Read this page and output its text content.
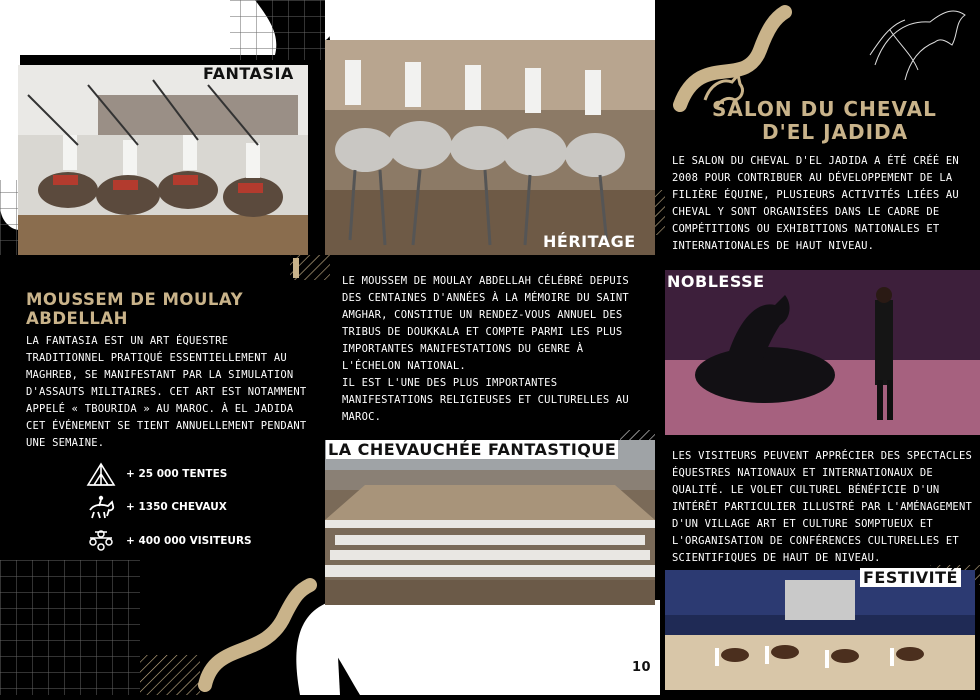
FANTASIA
MOUSSEM DE MOULAY ABDELLAH
LA FANTASIA EST UN ART ÉQUESTRE TRADITIONNEL PRATIQUÉ ESSENTIELLEMENT AU MAGHREB, SE MANIFESTANT PAR LA SIMULATION D'ASSAUTS MILITAIRES. CET ART EST NOTAMMENT APPELÉ « TBOURIDA » AU MAROC. À EL JADIDA CET ÉVÉNEMENT SE TIENT ANNUELLEMENT PENDANT UNE SEMAINE.
+ 25 000 TENTES
+ 1350 CHEVAUX
+ 400 000 VISITEURS
HÉRITAGE
LE MOUSSEM DE MOULAY ABDELLAH CÉLÉBRÉ DEPUIS DES CENTAINES D'ANNÉES À LA MÉMOIRE DU SAINT AMGHAR, CONSTITUE UN RENDEZ-VOUS ANNUEL DES TRIBUS DE DOUKKALA ET COMPTE PARMI LES PLUS IMPORTANTES MANIFESTATIONS DU GENRE À L'ÉCHELON NATIONAL.
IL EST L'UNE DES PLUS IMPORTANTES MANIFESTATIONS RELIGIEUSES ET CULTURELLES AU MAROC.
LA CHEVAUCHÉE FANTASTIQUE
10
SALON DU CHEVAL
D'EL JADIDA
LE SALON DU CHEVAL D'EL JADIDA A ÉTÉ CRÉÉ EN 2008 POUR CONTRIBUER AU DÉVELOPPEMENT DE LA FILIÈRE ÉQUINE, PLUSIEURS ACTIVITÉS LIÉES AU CHEVAL Y SONT ORGANISÉES DANS LE CADRE DE COMPÉTITIONS OU EXHIBITIONS NATIONALES ET INTERNATIONALES DE HAUT NIVEAU.
NOBLESSE
LES VISITEURS PEUVENT APPRÉCIER DES SPECTACLES ÉQUESTRES NATIONAUX ET INTERNATIONAUX DE QUALITÉ. LE VOLET CULTUREL BÉNÉFICIE D'UN INTÉRÊT PARTICULIER ILLUSTRÉ PAR L'AMÉNAGEMENT D'UN VILLAGE ART ET CULTURE SOMPTUEUX ET L'ORGANISATION DE CONFÉRENCES CULTURELLES ET SCIENTIFIQUES DE HAUT DE NIVEAU.
FESTIVITÉ
